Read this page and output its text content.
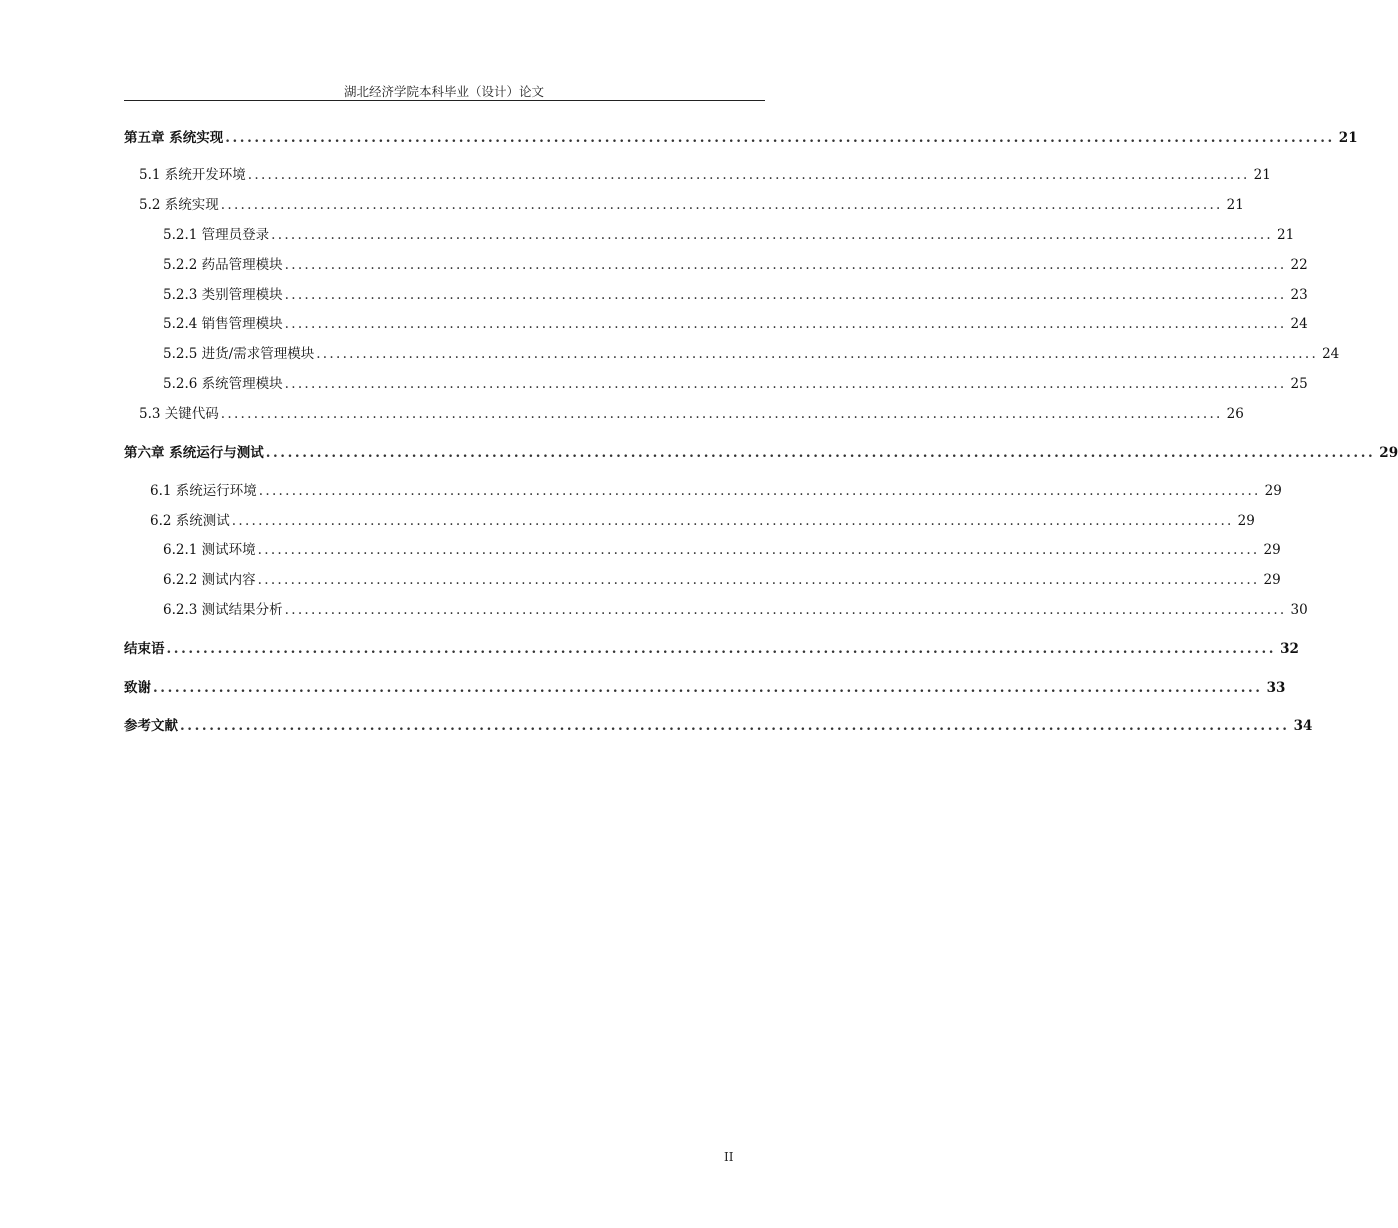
湖北经济学院本科毕业（设计）论文
第五章 系统实现 ........................................................................................................................................................ 21
5.1 系统开发环境 ........................................................................................................................................................ 21
5.2 系统实现 ........................................................................................................................................................ 21
5.2.1 管理员登录 ........................................................................................................................................................ 21
5.2.2 药品管理模块 ........................................................................................................................................................ 22
5.2.3 类别管理模块 ........................................................................................................................................................ 23
5.2.4 销售管理模块 ........................................................................................................................................................ 24
5.2.5 进货/需求管理模块 ........................................................................................................................................................ 24
5.2.6 系统管理模块 ........................................................................................................................................................ 25
5.3 关键代码 ........................................................................................................................................................ 26
第六章 系统运行与测试 ........................................................................................................................................................ 29
6.1 系统运行环境 ........................................................................................................................................................ 29
6.2 系统测试 ........................................................................................................................................................ 29
6.2.1 测试环境 ........................................................................................................................................................ 29
6.2.2 测试内容 ........................................................................................................................................................ 29
6.2.3 测试结果分析 ........................................................................................................................................................ 30
结束语 ........................................................................................................................................................ 32
致谢 ........................................................................................................................................................ 33
参考文献 ........................................................................................................................................................ 34
II
